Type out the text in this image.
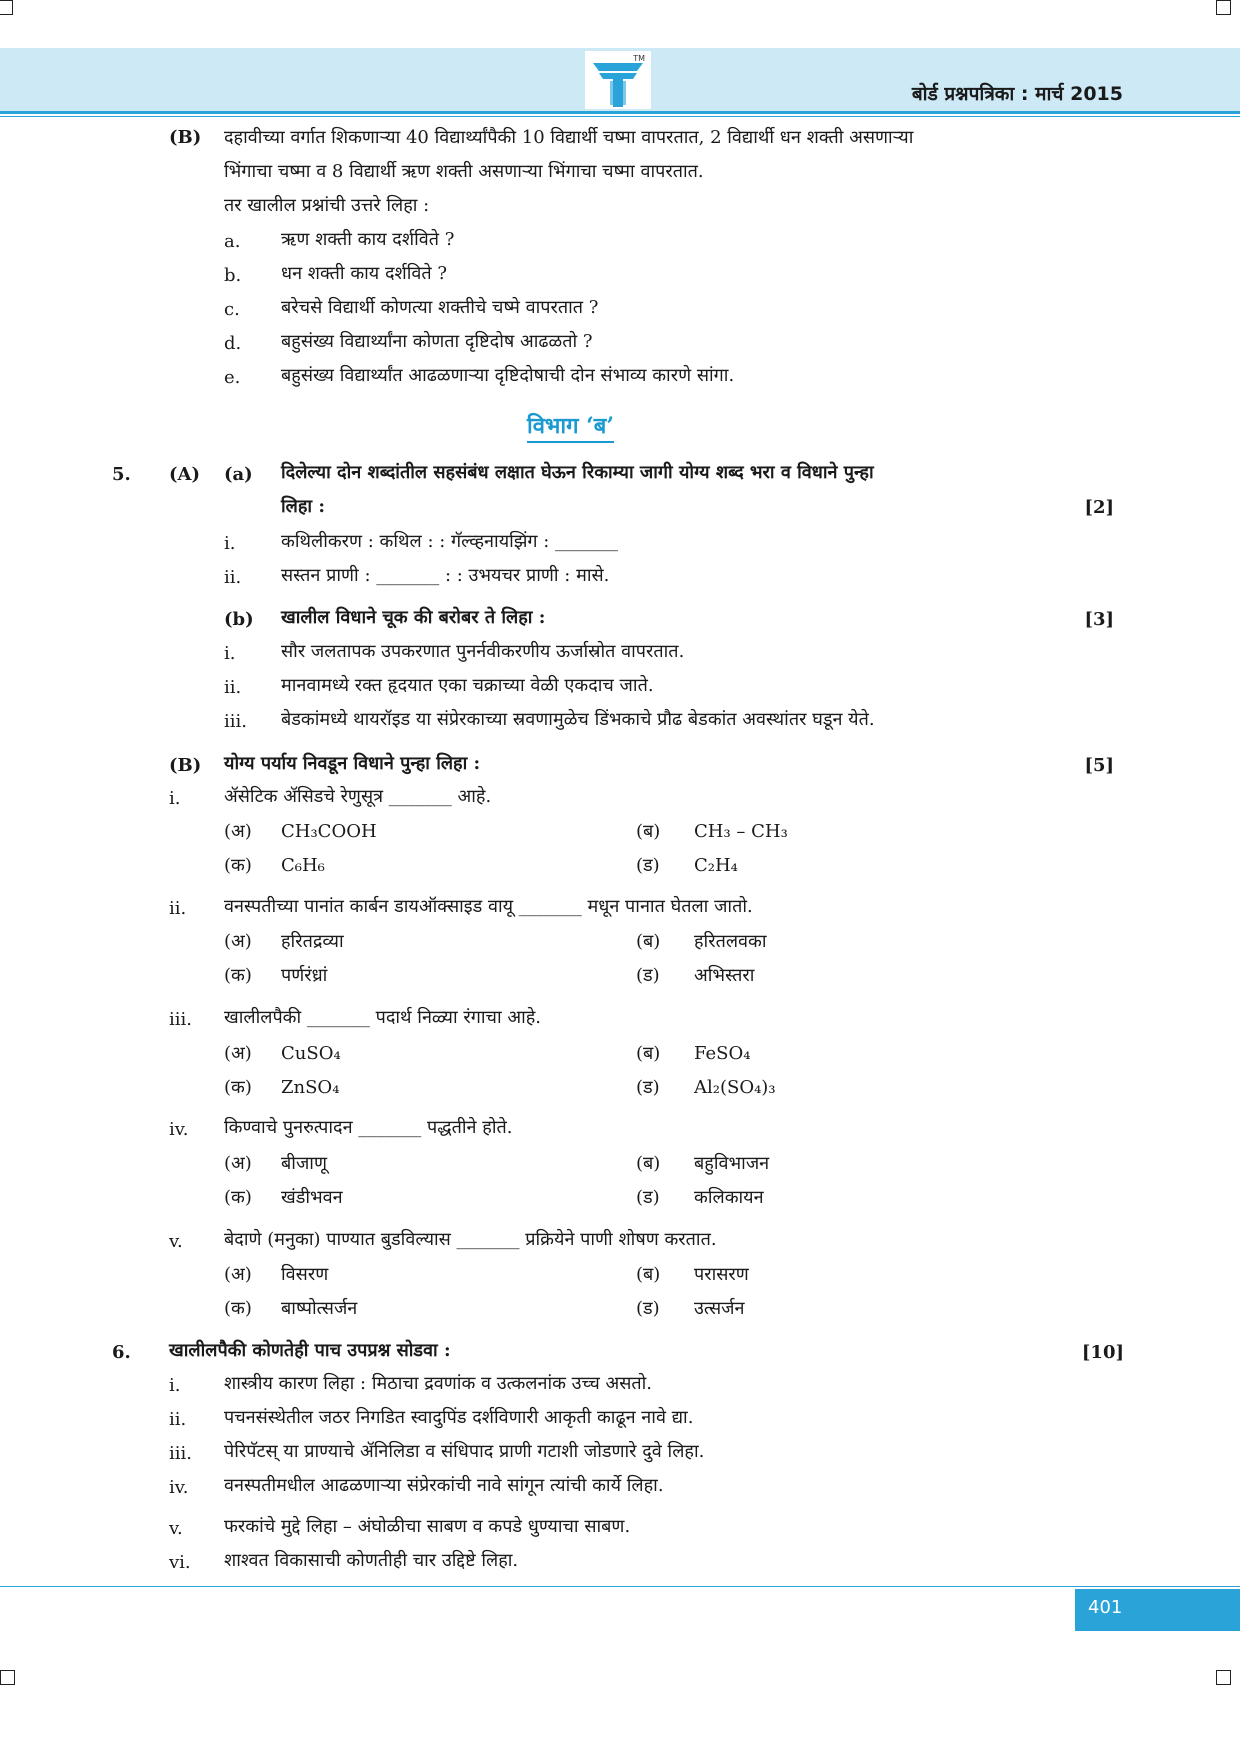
TM
बोर्ड प्रश्नपत्रिका : मार्च 2015
(B) दहावीच्या वर्गात शिकणाऱ्या 40 विद्यार्थ्यांपैकी 10 विद्यार्थी चष्मा वापरतात, 2 विद्यार्थी धन शक्ती असणाऱ्या
भिंगाचा चष्मा व 8 विद्यार्थी ऋण शक्ती असणाऱ्या भिंगाचा चष्मा वापरतात.
तर खालील प्रश्नांची उत्तरे लिहा :
a. ऋण शक्ती काय दर्शविते ?
b. धन शक्ती काय दर्शविते ?
c. बरेचसे विद्यार्थी कोणत्या शक्तीचे चष्मे वापरतात ?
d. बहुसंख्य विद्यार्थ्यांना कोणता दृष्टिदोष आढळतो ?
e. बहुसंख्य विद्यार्थ्यांत आढळणाऱ्या दृष्टिदोषाची दोन संभाव्य कारणे सांगा.
विभाग ‘ब’
5. (A) (a) दिलेल्या दोन शब्दांतील सहसंबंध लक्षात घेऊन रिकाम्या जागी योग्य शब्द भरा व विधाने पुन्हा
लिहा :	[2]
i.	कथिलीकरण : कथिल : : गॅल्व्हनायझिंग : _______
ii. सस्तन प्राणी : _______ : : उभयचर प्राणी : मासे.
(b) खालील विधाने चूक की बरोबर ते लिहा :	[3]
i.	सौर जलतापक उपकरणात पुनर्नवीकरणीय ऊर्जास्रोत वापरतात.
ii. मानवामध्ये रक्त हृदयात एका चक्राच्या वेळी एकदाच जाते.
iii. बेडकांमध्ये थायरॉइड या संप्रेरकाच्या स्रवणामुळेच डिंभकाचे प्रौढ बेडकांत अवस्थांतर घडून येते.
(B) योग्य पर्याय निवडून विधाने पुन्हा लिहा :	[5]
i. ॲसेटिक ॲसिडचे रेणुसूत्र _______ आहे.
(अ) CH₃COOH	(ब) CH₃ – CH₃
(क) C₆H₆	(ड) C₂H₄
ii. वनस्पतीच्या पानांत कार्बन डायऑक्साइड वायू _______ मधून पानात घेतला जातो.
(अ) हरितद्रव्या	(ब) हरितलवका
(क) पर्णरंध्रां	(ड) अभिस्तरा
iii. खालीलपैकी _______ पदार्थ निळ्या रंगाचा आहे.
(अ) CuSO₄	(ब) FeSO₄
(क) ZnSO₄	(ड) Al₂(SO₄)₃
iv. किण्वाचे पुनरुत्पादन _______ पद्धतीने होते.
(अ) बीजाणू	(ब) बहुविभाजन
(क) खंडीभवन	(ड) कलिकायन
v. बेदाणे (मनुका) पाण्यात बुडविल्यास _______ प्रक्रियेने पाणी शोषण करतात.
(अ) विसरण	(ब) परासरण
(क) बाष्पोत्सर्जन	(ड) उत्सर्जन
6. खालीलपैकी कोणतेही पाच उपप्रश्न सोडवा :	[10]
i. शास्त्रीय कारण लिहा : मिठाचा द्रवणांक व उत्कलनांक उच्च असतो.
ii. पचनसंस्थेतील जठर निगडित स्वादुपिंड दर्शविणारी आकृती काढून नावे द्या.
iii. पेरिपॅटस् या प्राण्याचे ॲनिलिडा व संधिपाद प्राणी गटाशी जोडणारे दुवे लिहा.
iv. वनस्पतीमधील आढळणाऱ्या संप्रेरकांची नावे सांगून त्यांची कार्ये लिहा.
v. फरकांचे मुद्दे लिहा – अंघोळीचा साबण व कपडे धुण्याचा साबण.
vi. शाश्वत विकासाची कोणतीही चार उद्दिष्टे लिहा.
401
